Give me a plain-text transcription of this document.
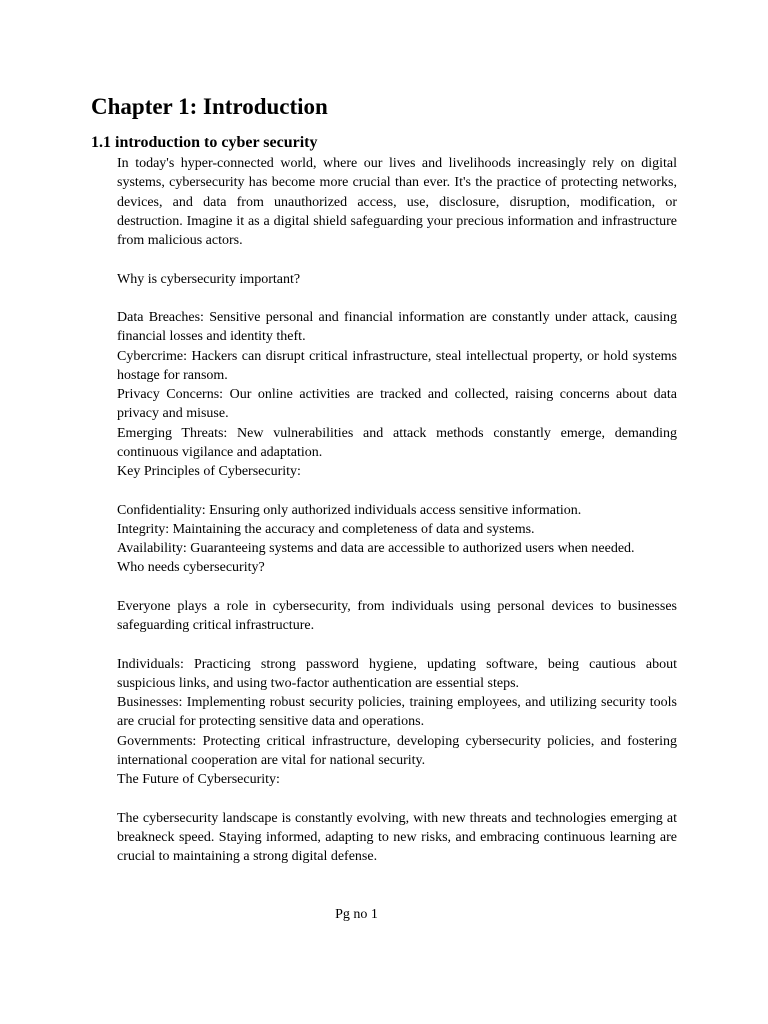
Chapter 1: Introduction
1.1 introduction to cyber security

In today's hyper-connected world, where our lives and livelihoods increasingly rely on digital systems, cybersecurity has become more crucial than ever. It's the practice of protecting networks, devices, and data from unauthorized access, use, disclosure, disruption, modification, or destruction. Imagine it as a digital shield safeguarding your precious information and infrastructure from malicious actors.

Why is cybersecurity important?

Data Breaches: Sensitive personal and financial information are constantly under attack, causing financial losses and identity theft.

Cybercrime: Hackers can disrupt critical infrastructure, steal intellectual property, or hold systems hostage for ransom.

Privacy Concerns: Our online activities are tracked and collected, raising concerns about data privacy and misuse.

Emerging Threats: New vulnerabilities and attack methods constantly emerge, demanding continuous vigilance and adaptation.

Key Principles of Cybersecurity:

Confidentiality: Ensuring only authorized individuals access sensitive information.

Integrity: Maintaining the accuracy and completeness of data and systems.

Availability: Guaranteeing systems and data are accessible to authorized users when needed.

Who needs cybersecurity?

Everyone plays a role in cybersecurity, from individuals using personal devices to businesses safeguarding critical infrastructure.

Individuals: Practicing strong password hygiene, updating software, being cautious about suspicious links, and using two-factor authentication are essential steps.

Businesses: Implementing robust security policies, training employees, and utilizing security tools are crucial for protecting sensitive data and operations.

Governments: Protecting critical infrastructure, developing cybersecurity policies, and fostering international cooperation are vital for national security.

The Future of Cybersecurity:

The cybersecurity landscape is constantly evolving, with new threats and technologies emerging at breakneck speed. Staying informed, adapting to new risks, and embracing continuous learning are crucial to maintaining a strong digital defense.

Pg no 1
